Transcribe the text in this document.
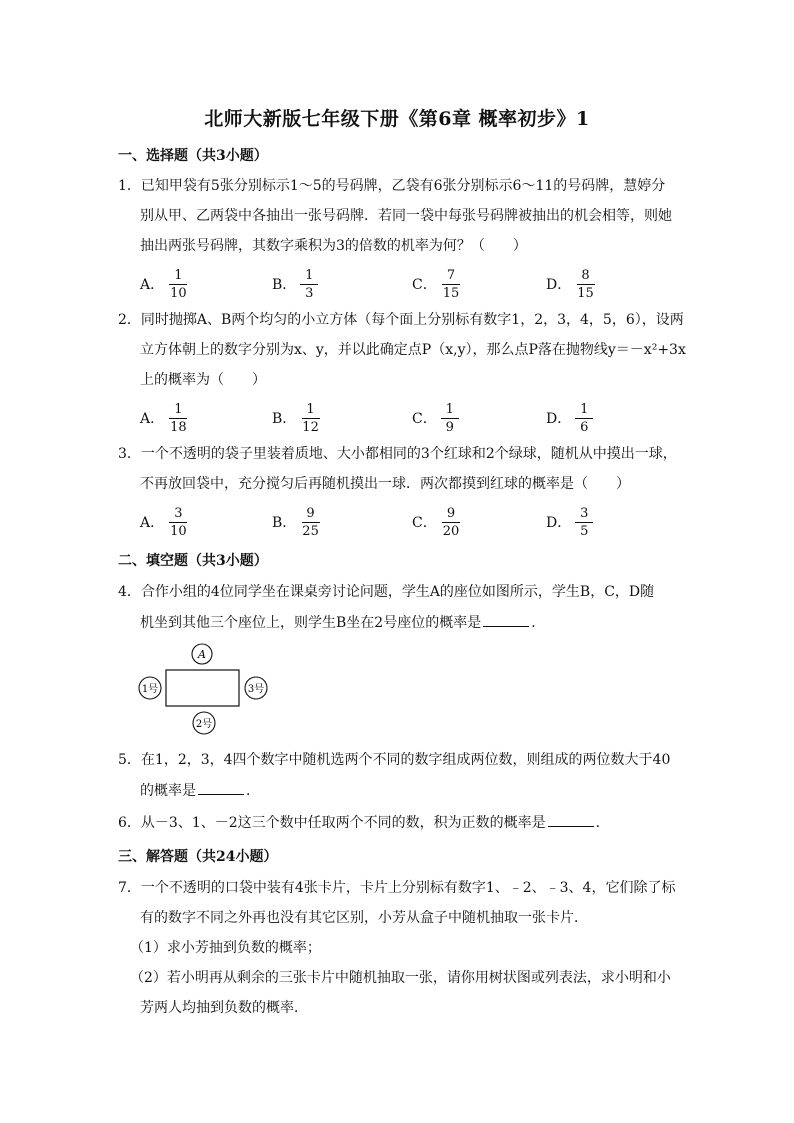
北师大新版七年级下册《第6章 概率初步》1
一、选择题（共3小题）
1．已知甲袋有5张分别标示1～5的号码牌，乙袋有6张分别标示6～11的号码牌，慧婷分
别从甲、乙两袋中各抽出一张号码牌．若同一袋中每张号码牌被抽出的机会相等，则她
抽出两张号码牌，其数字乘积为3的倍数的机率为何？（　　）
A． $\frac{1}{10}$	B． $\frac{1}{3}$	C． $\frac{7}{15}$	D． $\frac{8}{15}$
2．同时抛掷A、B两个均匀的小立方体（每个面上分别标有数字1，2，3，4，5，6），设两
立方体朝上的数字分别为x、y，并以此确定点P（x,y），那么点P落在抛物线y＝－x²+3x
上的概率为（　　）
A． $\frac{1}{18}$	B． $\frac{1}{12}$	C． $\frac{1}{9}$	D． $\frac{1}{6}$
3．一个不透明的袋子里装着质地、大小都相同的3个红球和2个绿球，随机从中摸出一球，
不再放回袋中，充分搅匀后再随机摸出一球．两次都摸到红球的概率是（　　）
A． $\frac{3}{10}$	B． $\frac{9}{25}$	C． $\frac{9}{20}$	D． $\frac{3}{5}$
二、填空题（共3小题）
4．合作小组的4位同学坐在课桌旁讨论问题，学生A的座位如图所示，学生B，C，D随
机坐到其他三个座位上，则学生B坐在2号座位的概率是	．
A
1号	3号
2号
5．在1，2，3，4四个数字中随机选两个不同的数字组成两位数，则组成的两位数大于40
的概率是	．
6．从－3、1、－2这三个数中任取两个不同的数，积为正数的概率是	．
三、解答题（共24小题）
7．一个不透明的口袋中装有4张卡片，卡片上分别标有数字1、﹣2、﹣3、4，它们除了标
有的数字不同之外再也没有其它区别，小芳从盒子中随机抽取一张卡片．
（1）求小芳抽到负数的概率；
（2）若小明再从剩余的三张卡片中随机抽取一张，请你用树状图或列表法，求小明和小
芳两人均抽到负数的概率．
